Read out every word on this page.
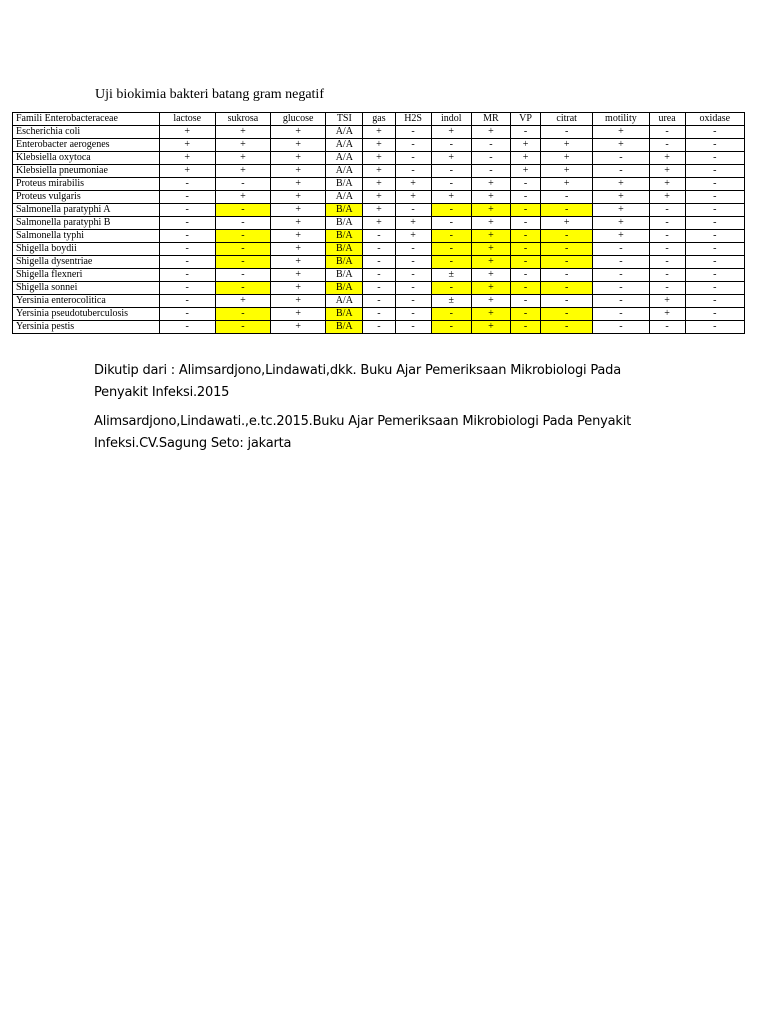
Uji biokimia bakteri batang gram negatif
Famili Enterobacteraceae	lactose	sukrosa	glucose	TSI	gas	H2S	indol	MR	VP	citrat	motility	urea	oxidase
Escherichia coli	+	+	+	A/A	+	-	+	+	-	-	+	-	-
Enterobacter aerogenes	+	+	+	A/A	+	-	-	-	+	+	+	-	-
Klebsiella oxytoca	+	+	+	A/A	+	-	+	-	+	+	-	+	-
Klebsiella pneumoniae	+	+	+	A/A	+	-	-	-	+	+	-	+	-
Proteus mirabilis	-	-	+	B/A	+	+	-	+	-	+	+	+	-
Proteus vulgaris	-	+	+	A/A	+	+	+	+	-	-	+	+	-
Salmonella paratyphi A	-	-	+	B/A	+	-	-	+	-	-	+	-	-
Salmonella paratyphi B	-	-	+	B/A	+	+	-	+	-	+	+	-	-
Salmonella typhi	-	-	+	B/A	-	+	-	+	-	-	+	-	-
Shigella boydii	-	-	+	B/A	-	-	-	+	-	-	-	-	-
Shigella dysentriae	-	-	+	B/A	-	-	-	+	-	-	-	-	-
Shigella flexneri	-	-	+	B/A	-	-	±	+	-	-	-	-	-
Shigella sonnei	-	-	+	B/A	-	-	-	+	-	-	-	-	-
Yersinia enterocolitica	-	+	+	A/A	-	-	±	+	-	-	-	+	-
Yersinia pseudotuberculosis	-	-	+	B/A	-	-	-	+	-	-	-	+	-
Yersinia pestis	-	-	+	B/A	-	-	-	+	-	-	-	-	-
Dikutip dari : Alimsardjono,Lindawati,dkk. Buku Ajar Pemeriksaan Mikrobiologi Pada Penyakit Infeksi.2015
Alimsardjono,Lindawati.,e.tc.2015.Buku Ajar Pemeriksaan Mikrobiologi Pada Penyakit Infeksi.CV.Sagung Seto: jakarta
